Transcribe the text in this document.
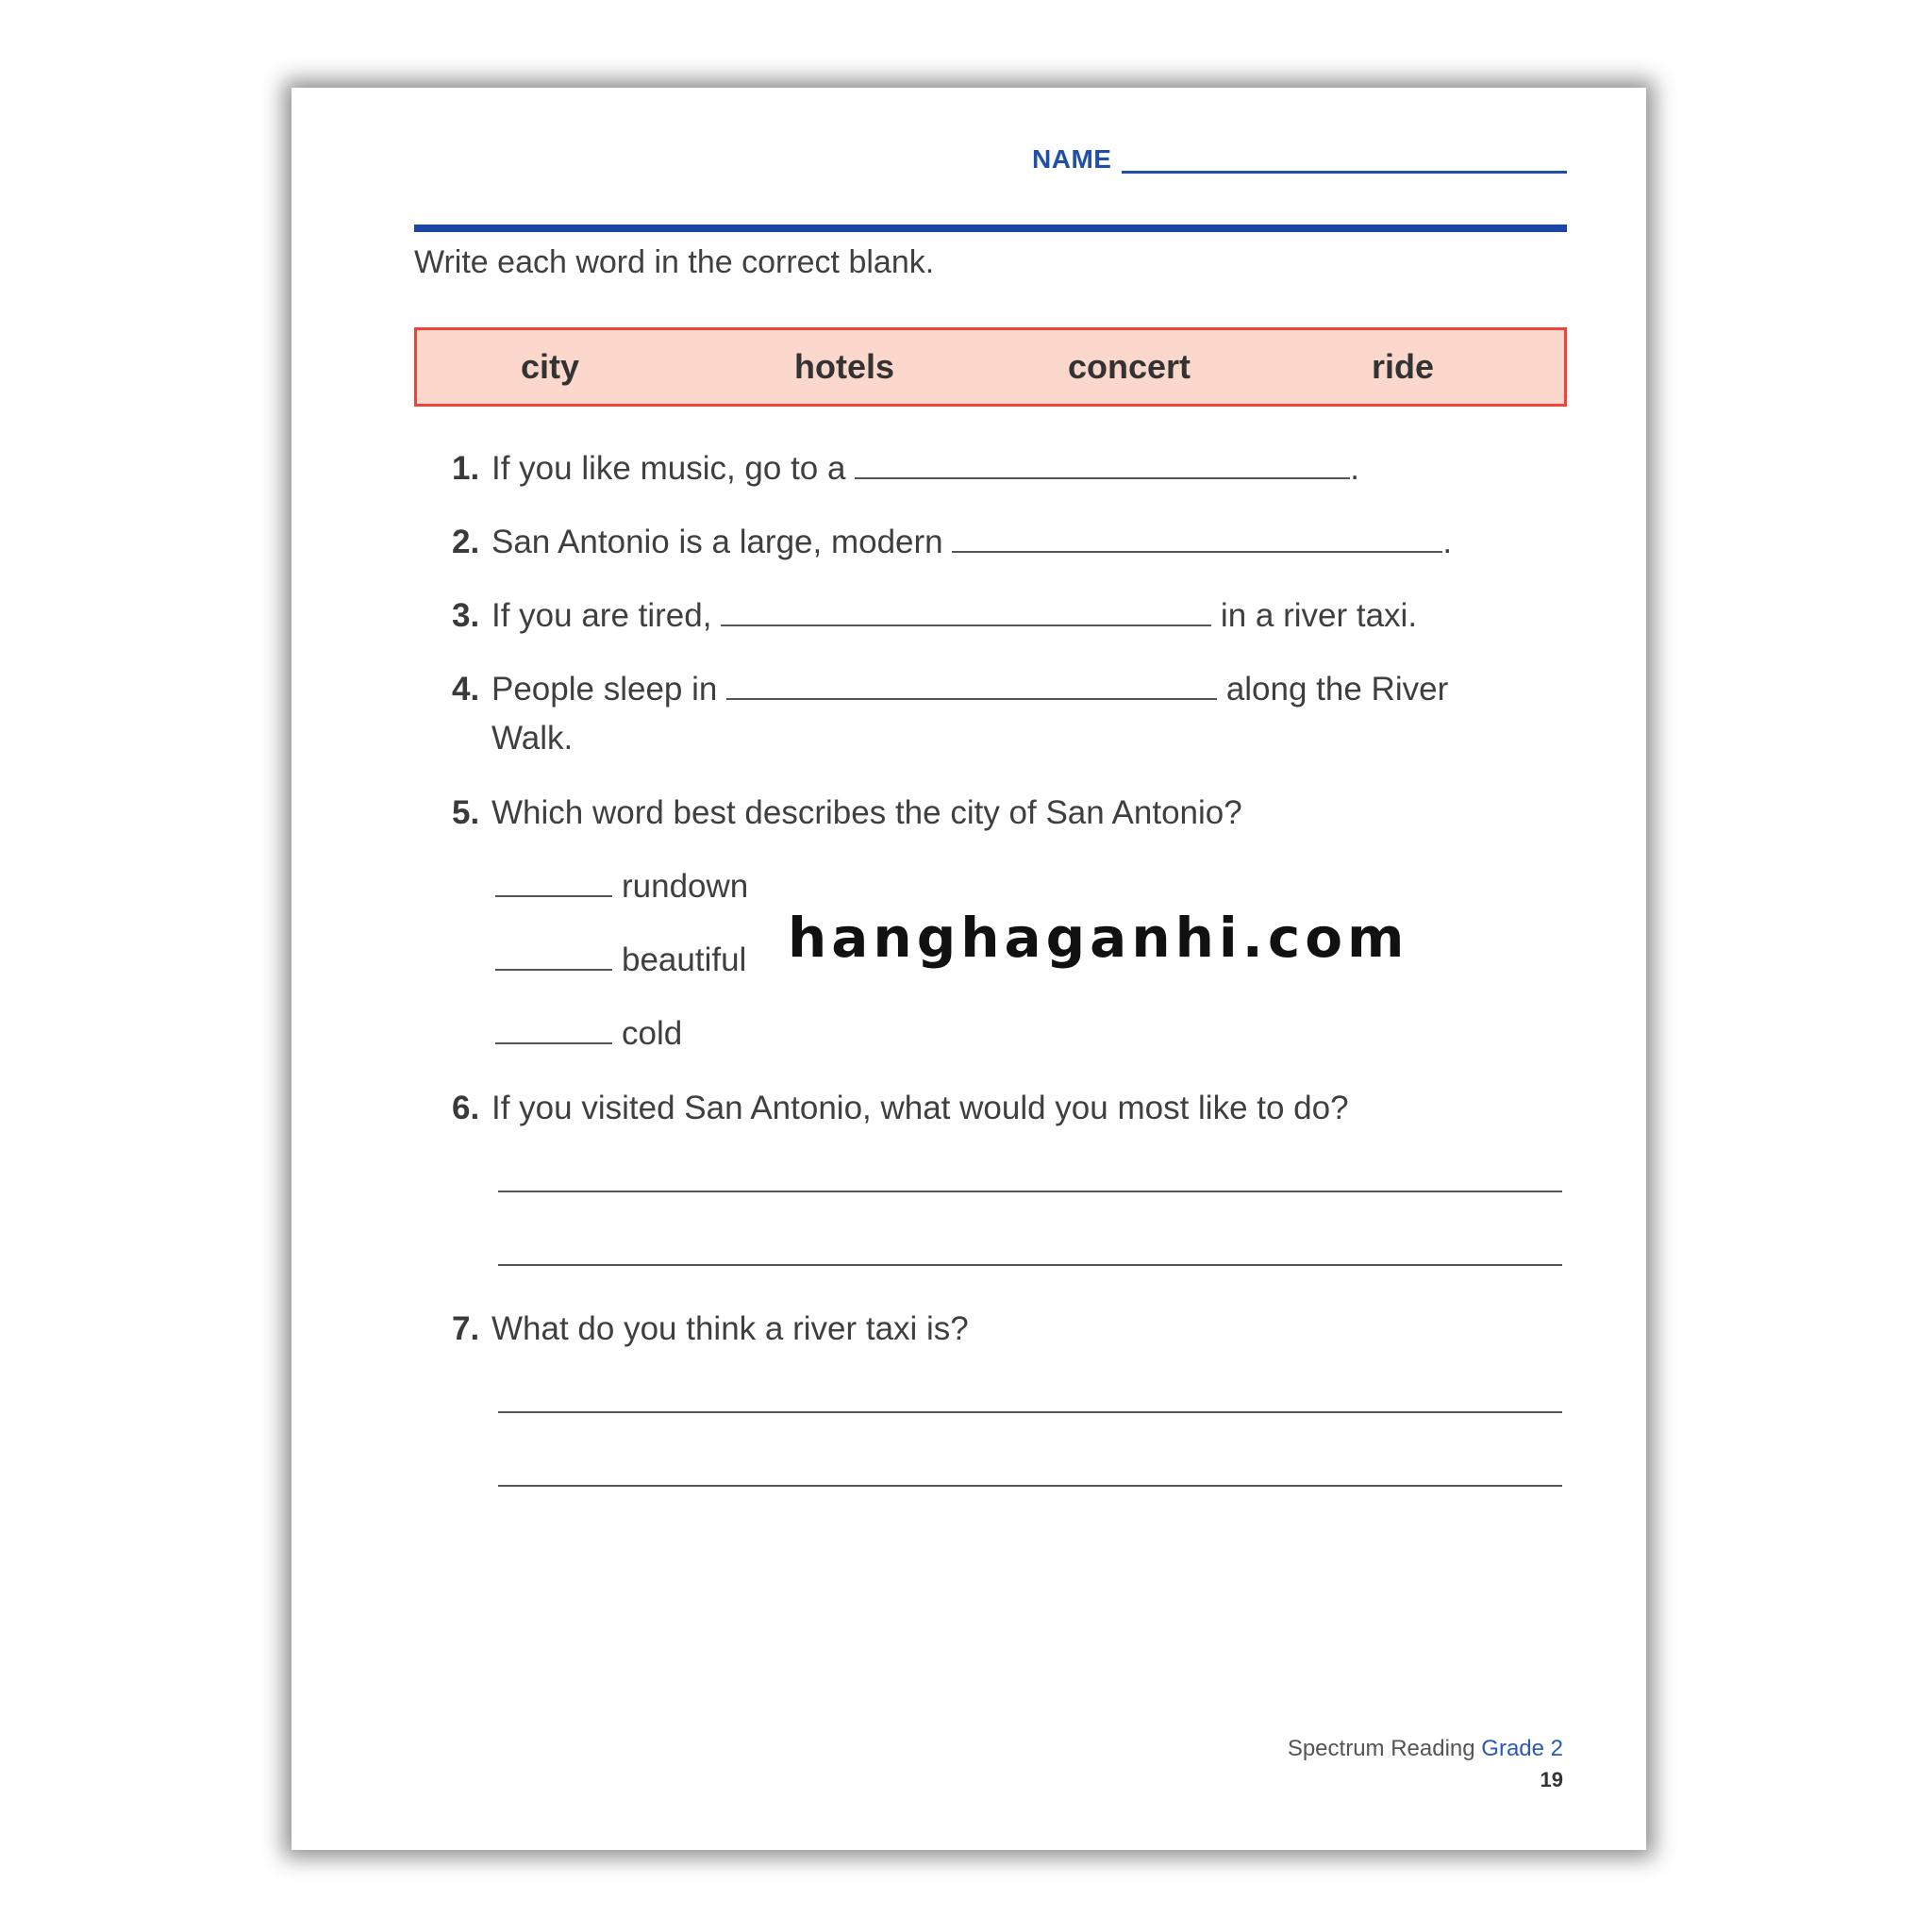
NAME
Write each word in the correct blank.
city	hotels	concert	ride
1. If you like music, go to a	.
2. San Antonio is a large, modern	.
3. If you are tired,	in a river taxi.
4. People sleep in	along the River
Walk.
5. Which word best describes the city of San Antonio?
rundown
beautiful
cold
6. If you visited San Antonio, what would you most like to do?
7. What do you think a river taxi is?
Spectrum Reading Grade 2
19
hanghaganhi.com
